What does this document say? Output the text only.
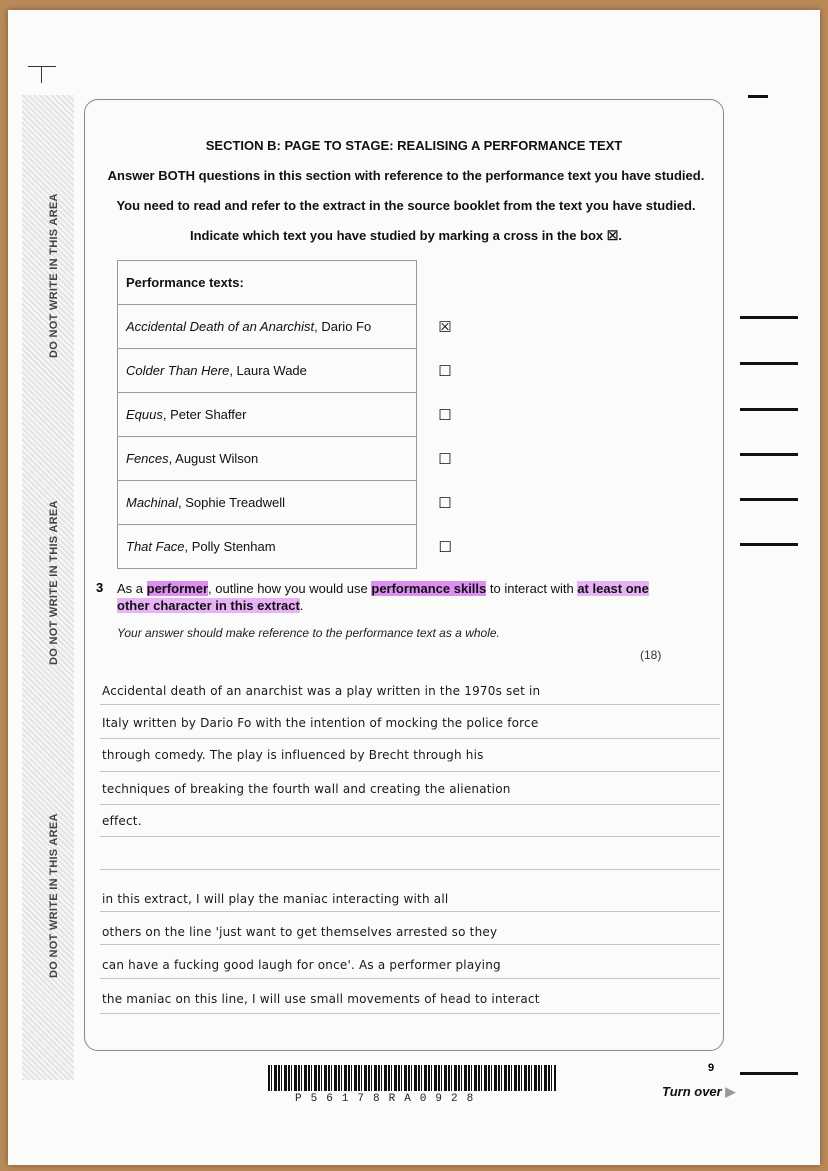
DO NOT WRITE IN THIS AREA
DO NOT WRITE IN THIS AREA
DO NOT WRITE IN THIS AREA
SECTION B: PAGE TO STAGE: REALISING A PERFORMANCE TEXT
Answer BOTH questions in this section with reference to the performance text you have studied.
You need to read and refer to the extract in the source booklet from the text you have studied.
Indicate which text you have studied by marking a cross in the box ☒.
Performance texts:	
Accidental Death of an Anarchist, Dario Fo	☒
Colder Than Here, Laura Wade	☐
Equus, Peter Shaffer	☐
Fences, August Wilson	☐
Machinal, Sophie Treadwell	☐
That Face, Polly Stenham	☐
3 As a performer, outline how you would use performance skills to interact with at least one other character in this extract.
Your answer should make reference to the performance text as a whole.
(18)
Accidental death of an anarchist was a play written in the 1970s set in
Italy written by Dario Fo with the intention of mocking the police force
through comedy. The play is influenced by Brecht through his
techniques of breaking the fourth wall and creating the alienation
effect.
in this extract, I will play the maniac interacting with all
others on the line 'just want to get themselves arrested so they
can have a fucking good laugh for once'. As a performer playing
the maniac on this line, I will use small movements of head to interact
P56178RA0928
9
Turn over ▶
